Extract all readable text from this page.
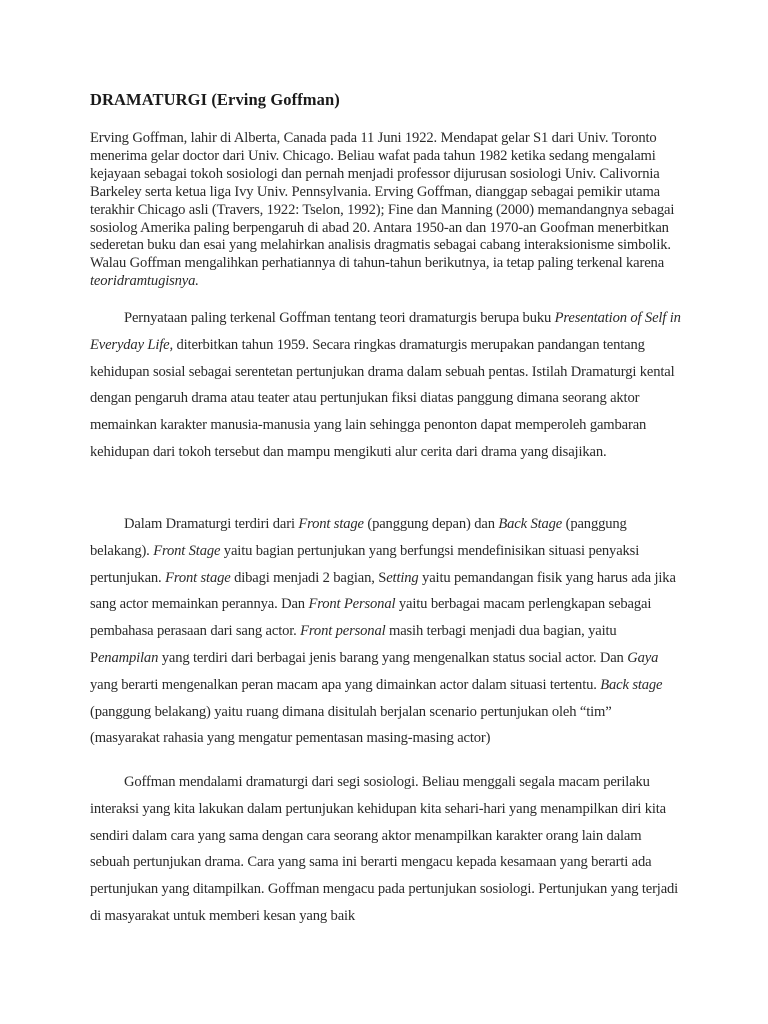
DRAMATURGI (Erving Goffman)

Erving Goffman, lahir di Alberta, Canada pada 11 Juni 1922. Mendapat gelar S1 dari Univ. Toronto menerima gelar doctor dari Univ. Chicago. Beliau wafat pada tahun 1982 ketika sedang mengalami kejayaan sebagai tokoh sosiologi dan pernah menjadi professor dijurusan sosiologi Univ. Calivornia Barkeley serta ketua liga Ivy Univ. Pennsylvania. Erving Goffman, dianggap sebagai pemikir utama terakhir Chicago asli (Travers, 1922: Tselon, 1992); Fine dan Manning (2000) memandangnya sebagai sosiolog Amerika paling berpengaruh di abad 20. Antara 1950-an dan 1970-an Goofman menerbitkan sederetan buku dan esai yang melahirkan analisis dragmatis sebagai cabang interaksionisme simbolik. Walau Goffman mengalihkan perhatiannya di tahun-tahun berikutnya, ia tetap paling terkenal karena teoridramtugisnya.

Pernyataan paling terkenal Goffman tentang teori dramaturgis berupa buku Presentation of Self in Everyday Life, diterbitkan tahun 1959. Secara ringkas dramaturgis merupakan pandangan tentang kehidupan sosial sebagai serentetan pertunjukan drama dalam sebuah pentas. Istilah Dramaturgi kental dengan pengaruh drama atau teater atau pertunjukan fiksi diatas panggung dimana seorang aktor memainkan karakter manusia-manusia yang lain sehingga penonton dapat memperoleh gambaran kehidupan dari tokoh tersebut dan mampu mengikuti alur cerita dari drama yang disajikan.

Dalam Dramaturgi terdiri dari Front stage (panggung depan) dan Back Stage (panggung belakang). Front Stage yaitu bagian pertunjukan yang berfungsi mendefinisikan situasi penyaksi pertunjukan. Front stage dibagi menjadi 2 bagian, Setting yaitu pemandangan fisik yang harus ada jika sang actor memainkan perannya. Dan Front Personal yaitu berbagai macam perlengkapan sebagai pembahasa perasaan dari sang actor. Front personal masih terbagi menjadi dua bagian, yaitu Penampilan yang terdiri dari berbagai jenis barang yang mengenalkan status social actor. Dan Gaya yang berarti mengenalkan peran macam apa yang dimainkan actor dalam situasi tertentu. Back stage (panggung belakang) yaitu ruang dimana disitulah berjalan scenario pertunjukan oleh “tim” (masyarakat rahasia yang mengatur pementasan masing-masing actor)

Goffman mendalami dramaturgi dari segi sosiologi. Beliau menggali segala macam perilaku interaksi yang kita lakukan dalam pertunjukan kehidupan kita sehari-hari yang menampilkan diri kita sendiri dalam cara yang sama dengan cara seorang aktor menampilkan karakter orang lain dalam sebuah pertunjukan drama. Cara yang sama ini berarti mengacu kepada kesamaan yang berarti ada pertunjukan yang ditampilkan. Goffman mengacu pada pertunjukan sosiologi. Pertunjukan yang terjadi di masyarakat untuk memberi kesan yang baik
